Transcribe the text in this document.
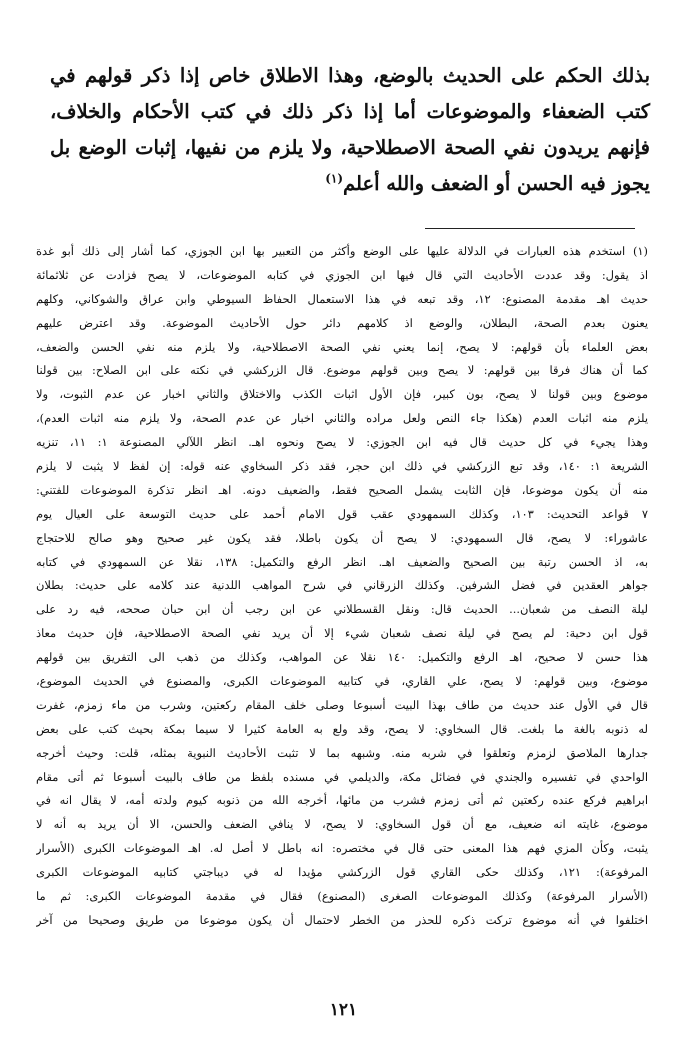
بذلك الحكم على الحديث بالوضع، وهذا الاطلاق خاص إذا ذكر قولهم في كتب الضعفاء والموضوعات أما إذا ذكر ذلك في كتب الأحكام والخلاف، فإنهم يريدون نفي الصحة الاصطلاحية، ولا يلزم من نفيها، إثبات الوضع بل يجوز فيه الحسن أو الضعف والله أعلم$^{(١)}$

(١) استخدم هذه العبارات في الدلالة عليها على الوضع وأكثر من التعبير بها ابن الجوزي، كما أشار إلى ذلك أبو غدة
اذ يقول: وقد عددت الأحاديث التي قال فيها ابن الجوزي في كتابه الموضوعات، لا يصح فزادت عن ثلاثمائة
حديث اهـ مقدمة المصنوع: ١٢، وقد تبعه في هذا الاستعمال الحفاظ السيوطي وابن عراق والشوكاني، وكلهم
يعنون بعدم الصحة، البطلان، والوضع اذ كلامهم دائر حول الأحاديث الموضوعة. وقد اعترض عليهم
بعض العلماء بأن قولهم: لا يصح، إنما يعني نفي الصحة الاصطلاحية، ولا يلزم منه نفي الحسن والضعف،
كما أن هناك فرقا بين قولهم: لا يصح وبين قولهم موضوع. قال الزركشي في نكته على ابن الصلاح: بين قولنا
موضوع وبين قولنا لا يصح، بون كبير، فإن الأول اثبات الكذب والاختلاق والثاني اخبار عن عدم الثبوت، ولا
يلزم منه اثبات العدم (هكذا جاء النص ولعل مراده والثاني اخبار عن عدم الصحة، ولا يلزم منه اثبات العدم)،
وهذا يجيء في كل حديث قال فيه ابن الجوزي: لا يصح ونحوه اهـ. انظر اللآلي المصنوعة ١: ١١، تنزيه
الشريعة ١: ١٤٠، وقد تبع الزركشي في ذلك ابن حجر، فقد ذكر السخاوي عنه قوله: إن لفظ لا يثبت لا يلزم
منه أن يكون موضوعا، فإن الثابت يشمل الصحيح فقط، والضعيف دونه. اهـ انظر تذكرة الموضوعات للفتني:
٧ قواعد التحديث: ١٠٣، وكذلك السمهودي عقب قول الامام أحمد على حديث التوسعة على العيال يوم
عاشوراء: لا يصح، قال السمهودي: لا يصح أن يكون باطلا، فقد يكون غير صحيح وهو صالح للاحتجاج
به، اذ الحسن رتبة بين الصحيح والضعيف اهـ. انظر الرفع والتكميل: ١٣٨، نقلا عن السمهودي في كتابه
جواهر العقدين في فضل الشرفين. وكذلك الزرقاني في شرح المواهب اللدنية عند كلامه على حديث: بطلان
ليلة النصف من شعبان... الحديث قال: ونقل القسطلاني عن ابن رجب أن ابن حبان صححه، فيه رد على
قول ابن دحية: لم يصح في ليلة نصف شعبان شيء إلا أن يريد نفي الصحة الاصطلاحية، فإن حديث معاذ
هذا حسن لا صحيح، اهـ الرفع والتكميل: ١٤٠ نقلا عن المواهب، وكذلك من ذهب الى التفريق بين قولهم
موضوع، وبين قولهم: لا يصح، علي القاري، في كتابيه الموضوعات الكبرى، والمصنوع في الحديث الموضوع،
قال في الأول عند حديث من طاف بهذا البيت أسبوعا وصلى خلف المقام ركعتين، وشرب من ماء زمزم، غفرت
له ذنوبه بالغة ما بلغت. قال السخاوي: لا يصح، وقد ولع به العامة كثيرا لا سيما بمكة بحيث كتب على بعض
جدارها الملاصق لزمزم وتعلقوا في شربه منه. وشبهه بما لا تثبت الأحاديث النبوية بمثله، قلت: وحيث أخرجه
الواحدي في تفسيره والجندي في فضائل مكة، والديلمي في مسنده بلفظ من طاف بالبيت أسبوعا ثم أتى مقام
ابراهيم فركع عنده ركعتين ثم أتى زمزم فشرب من مائها، أخرجه الله من ذنوبه كيوم ولدته أمه، لا يقال انه في
موضوع، غايته انه ضعيف، مع أن قول السخاوي: لا يصح، لا ينافي الضعف والحسن، الا أن يريد به أنه لا
يثبت، وكأن المزي فهم هذا المعنى حتى قال في مختصره: انه باطل لا أصل له. اهـ الموضوعات الكبرى (الأسرار
المرفوعة): ١٢١، وكذلك حكى القاري قول الزركشي مؤيدا له في ديباجتي كتابيه الموضوعات الكبرى
(الأسرار المرفوعة) وكذلك الموضوعات الصغرى (المصنوع) فقال في مقدمة الموضوعات الكبرى: ثم ما
اختلفوا في أنه موضوع تركت ذكره للحذر من الخطر لاحتمال أن يكون موضوعا من طريق وصحيحا من آخر
١٢١
